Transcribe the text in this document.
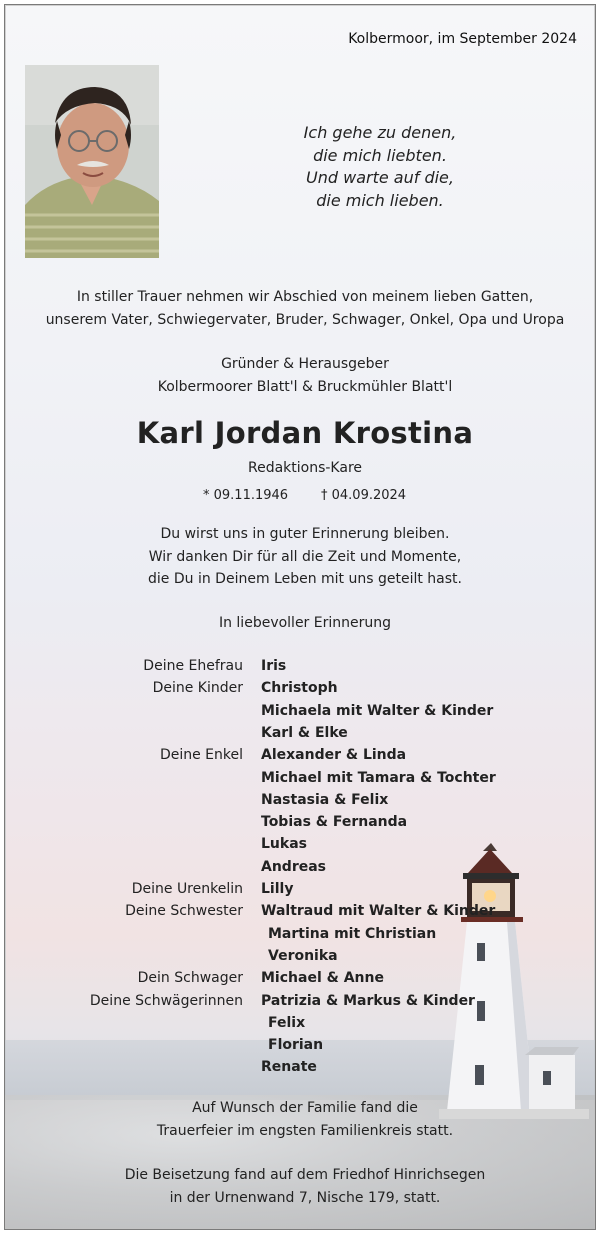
Kolbermoor, im September 2024
Ich gehe zu denen,
die mich liebten.
Und warte auf die,
die mich lieben.
In stiller Trauer nehmen wir Abschied von meinem lieben Gatten,
unserem Vater, Schwiegervater, Bruder, Schwager, Onkel, Opa und Uropa
Gründer & Herausgeber
Kolbermoorer Blatt'l & Bruckmühler Blatt'l
Karl Jordan Krostina
Redaktions-Kare
* 09.11.1946	† 04.09.2024
Du wirst uns in guter Erinnerung bleiben.
Wir danken Dir für all die Zeit und Momente,
die Du in Deinem Leben mit uns geteilt hast.
In liebevoller Erinnerung
Deine Ehefrau Iris
Deine Kinder Christoph
Michaela mit Walter & Kinder
Karl & Elke
Deine Enkel Alexander & Linda
Michael mit Tamara & Tochter
Nastasia & Felix
Tobias & Fernanda
Lukas
Andreas
Deine Urenkelin Lilly
Deine Schwester Waltraud mit Walter & Kinder
Martina mit Christian
Veronika
Dein Schwager Michael & Anne
Deine Schwägerinnen Patrizia & Markus & Kinder
Felix
Florian
Renate
Auf Wunsch der Familie fand die
Trauerfeier im engsten Familienkreis statt.
Die Beisetzung fand auf dem Friedhof Hinrichsegen
in der Urnenwand 7, Nische 179, statt.
